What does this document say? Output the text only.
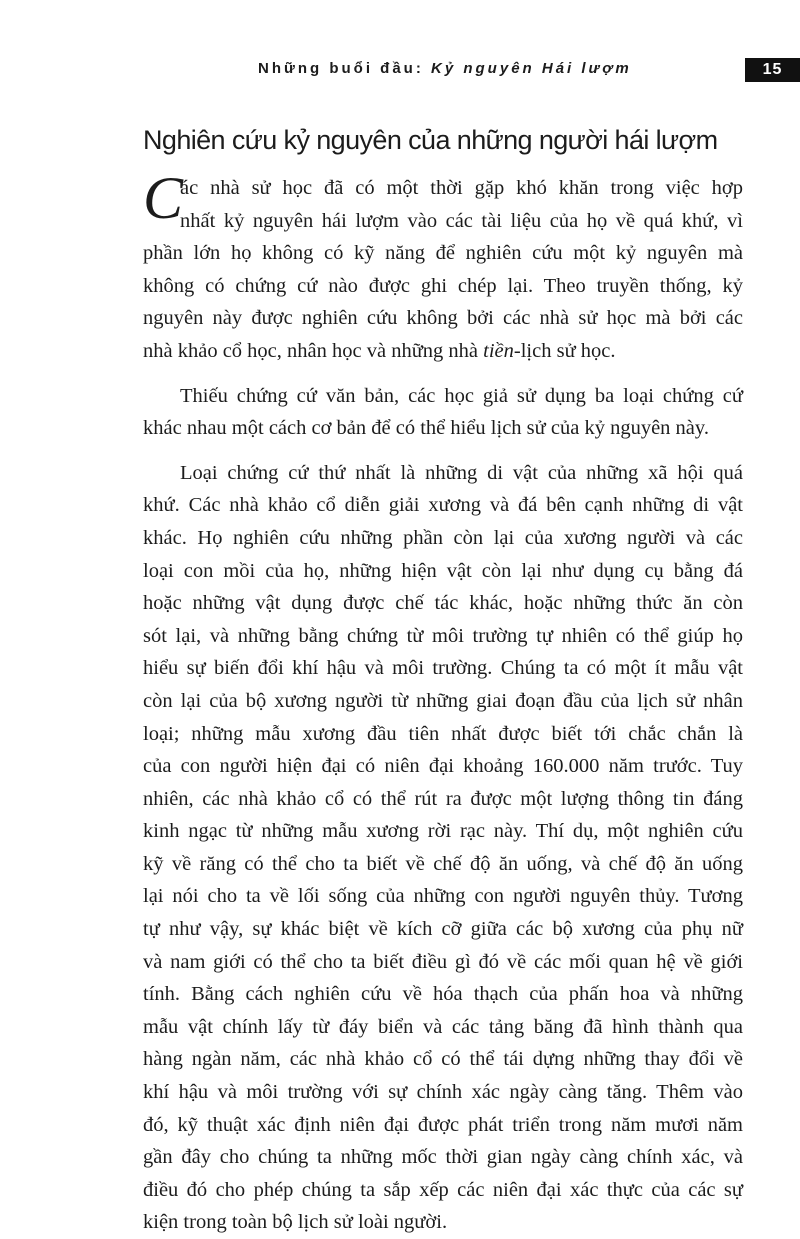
Những buổi đầu: Kỷ nguyên Hái lượm	15
Nghiên cứu kỷ nguyên của những người hái lượm
C
ác nhà sử học đã có một thời gặp khó khăn trong việc hợp
nhất kỷ nguyên hái lượm vào các tài liệu của họ về quá khứ, vì
phần lớn họ không có kỹ năng để nghiên cứu một kỷ nguyên mà
không có chứng cứ nào được ghi chép lại. Theo truyền thống, kỷ
nguyên này được nghiên cứu không bởi các nhà sử học mà bởi các
nhà khảo cổ học, nhân học và những nhà tiền-lịch sử học.
Thiếu chứng cứ văn bản, các học giả sử dụng ba loại chứng cứ
khác nhau một cách cơ bản để có thể hiểu lịch sử của kỷ nguyên này.
Loại chứng cứ thứ nhất là những di vật của những xã hội quá
khứ. Các nhà khảo cổ diễn giải xương và đá bên cạnh những di vật
khác. Họ nghiên cứu những phần còn lại của xương người và các
loại con mồi của họ, những hiện vật còn lại như dụng cụ bằng đá
hoặc những vật dụng được chế tác khác, hoặc những thức ăn còn
sót lại, và những bằng chứng từ môi trường tự nhiên có thể giúp họ
hiểu sự biến đổi khí hậu và môi trường. Chúng ta có một ít mẫu vật
còn lại của bộ xương người từ những giai đoạn đầu của lịch sử nhân
loại; những mẫu xương đầu tiên nhất được biết tới chắc chắn là
của con người hiện đại có niên đại khoảng 160.000 năm trước. Tuy
nhiên, các nhà khảo cổ có thể rút ra được một lượng thông tin đáng
kinh ngạc từ những mẫu xương rời rạc này. Thí dụ, một nghiên cứu
kỹ về răng có thể cho ta biết về chế độ ăn uống, và chế độ ăn uống
lại nói cho ta về lối sống của những con người nguyên thủy. Tương
tự như vậy, sự khác biệt về kích cỡ giữa các bộ xương của phụ nữ
và nam giới có thể cho ta biết điều gì đó về các mối quan hệ về giới
tính. Bằng cách nghiên cứu về hóa thạch của phấn hoa và những
mẫu vật chính lấy từ đáy biển và các tảng băng đã hình thành qua
hàng ngàn năm, các nhà khảo cổ có thể tái dựng những thay đổi về
khí hậu và môi trường với sự chính xác ngày càng tăng. Thêm vào
đó, kỹ thuật xác định niên đại được phát triển trong năm mươi năm
gần đây cho chúng ta những mốc thời gian ngày càng chính xác, và
điều đó cho phép chúng ta sắp xếp các niên đại xác thực của các sự
kiện trong toàn bộ lịch sử loài người.
